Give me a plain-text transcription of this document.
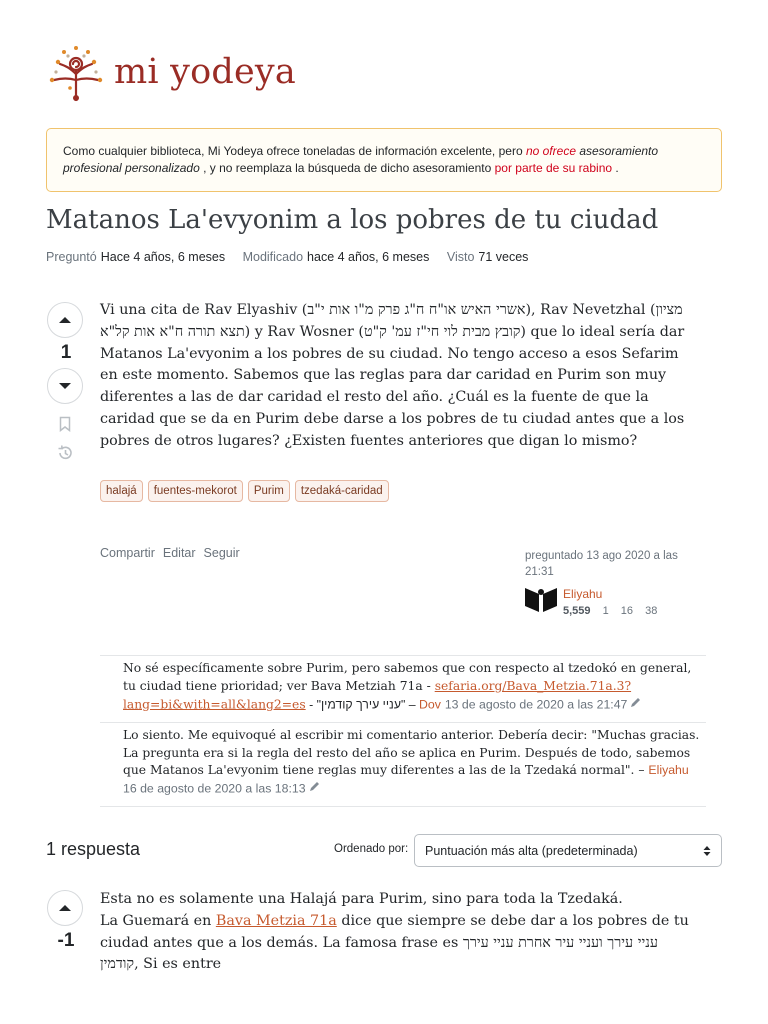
mi yodeya
Como cualquier biblioteca, Mi Yodeya ofrece toneladas de información excelente, pero no ofrece asesoramiento profesional personalizado , y no reemplaza la búsqueda de dicho asesoramiento por parte de su rabino .
Matanos La'evyonim a los pobres de tu ciudad
Preguntó Hace 4 años, 6 meses Modificado hace 4 años, 6 meses Visto 71 veces
1
Vi una cita de Rav Elyashiv (אשרי האיש או"ח ח"ג פרק מ"ו אות י"ב), Rav Nevetzhal (מציון תצא תורה ח"א אות קל"א) y Rav Wosner (קובץ מבית לוי חי"ז עמ' ק"ט) que lo ideal sería dar Matanos La'evyonim a los pobres de su ciudad. No tengo acceso a esos Sefarim en este momento. Sabemos que las reglas para dar caridad en Purim son muy diferentes a las de dar caridad el resto del año. ¿Cuál es la fuente de que la caridad que se da en Purim debe darse a los pobres de tu ciudad antes que a los pobres de otros lugares? ¿Existen fuentes anteriores que digan lo mismo?
halajá	fuentes-mekorot	Purim	tzedaká-caridad
Compartir Editar Seguir	preguntado 13 ago 2020 a las 21:31
Eliyahu
5,559 1 16 38
No sé específicamente sobre Purim, pero sabemos que con respecto al tzedokó en general, tu ciudad tiene prioridad; ver Bava Metziah 71a - sefaria.org/Bava_Metzia.71a.3?lang=bi&with=all&lang2=es - "עניי עירך קודמין" – Dov 13 de agosto de 2020 a las 21:47
Lo siento. Me equivoqué al escribir mi comentario anterior. Debería decir: "Muchas gracias. La pregunta era si la regla del resto del año se aplica en Purim. Después de todo, sabemos que Matanos La'evyonim tiene reglas muy diferentes a las de la Tzedaká normal". – Eliyahu 16 de agosto de 2020 a las 18:13
1 respuesta	Ordenado por: Puntuación más alta (predeterminada)
-1
Esta no es solamente una Halajá para Purim, sino para toda la Tzedaká.
La Guemará en Bava Metzia 71a dice que siempre se debe dar a los pobres de tu ciudad antes que a los demás. La famosa frase es עניי עירך ועניי עיר אחרת עניי עירך קודמין, Si es entre
